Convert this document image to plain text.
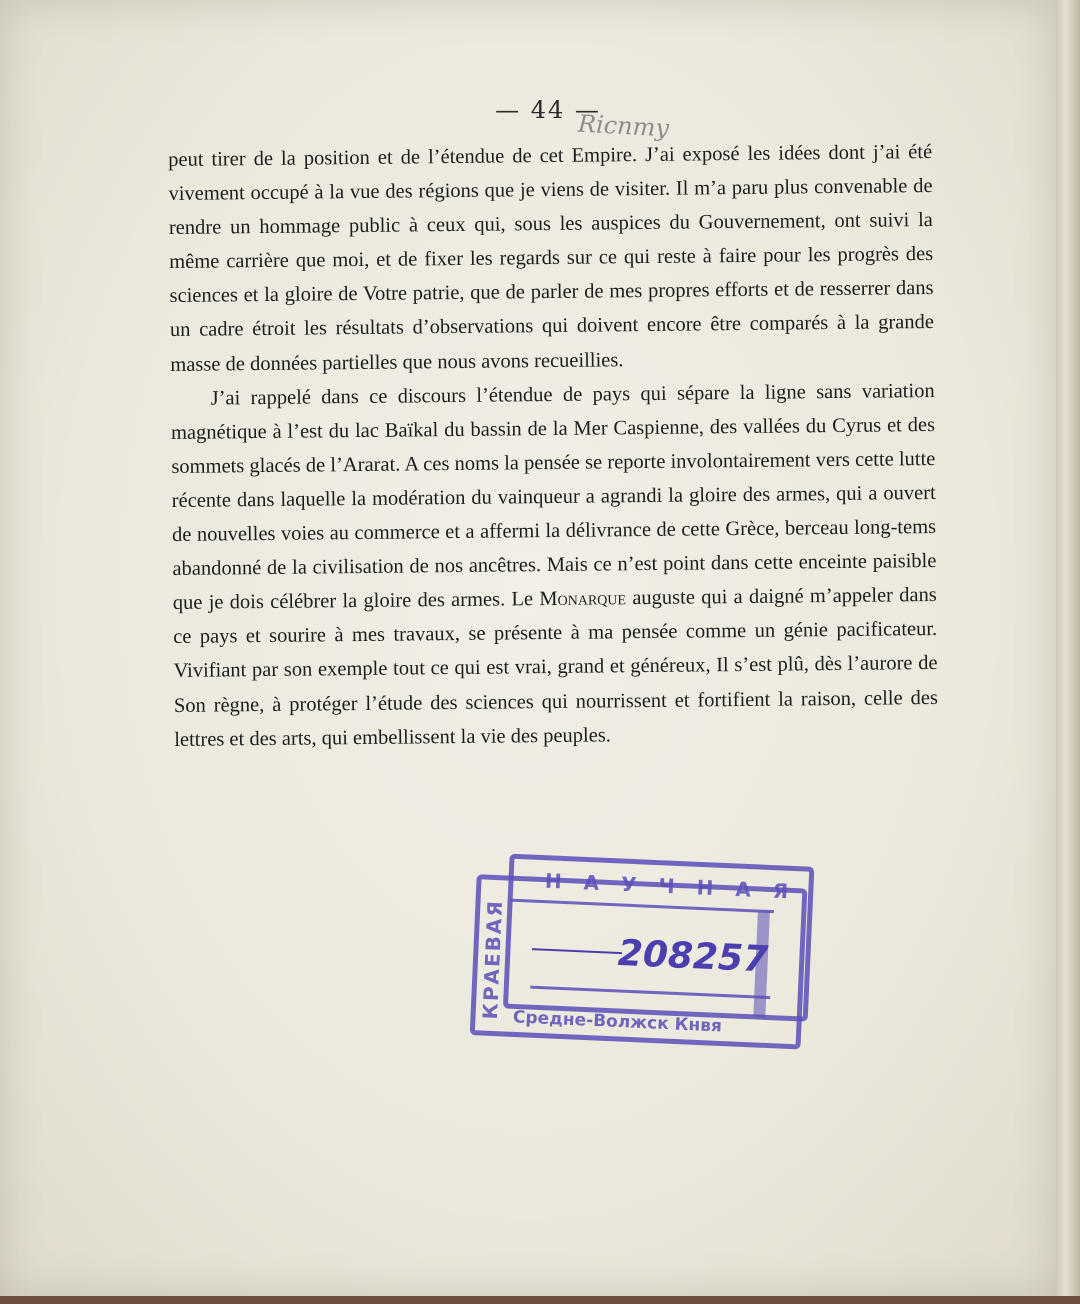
— 44 —
Ricnmy

peut tirer de la position et de l’étendue de cet Empire. J’ai exposé les idées dont j’ai été vivement occupé à la vue des régions que je viens de visiter. Il m’a paru plus convenable de rendre un hommage public à ceux qui, sous les auspices du Gouvernement, ont suivi la même carrière que moi, et de fixer les regards sur ce qui reste à faire pour les progrès des sciences et la gloire de Votre patrie, que de parler de mes propres efforts et de resserrer dans un cadre étroit les résultats d’observations qui doivent encore être comparés à la grande masse de données partielles que nous avons recueillies.

J’ai rappelé dans ce discours l’étendue de pays qui sépare la ligne sans variation magnétique à l’est du lac Baïkal du bassin de la Mer Caspienne, des vallées du Cyrus et des sommets glacés de l’Ararat. A ces noms la pensée se reporte involontairement vers cette lutte récente dans laquelle la modération du vainqueur a agrandi la gloire des armes, qui a ouvert de nouvelles voies au commerce et a affermi la délivrance de cette Grèce, berceau long-tems abandonné de la civilisation de nos ancêtres. Mais ce n’est point dans cette enceinte paisible que je dois célébrer la gloire des armes. Le Monarque auguste qui a daigné m’appeler dans ce pays et sourire à mes travaux, se présente à ma pensée comme un génie pacificateur. Vivifiant par son exemple tout ce qui est vrai, grand et généreux, Il s’est plû, dès l’aurore de Son règne, à protéger l’étude des sciences qui nourrissent et fortifient la raison, celle des lettres et des arts, qui embellissent la vie des peuples.

НАУЧНАЯ
КРАЕВАЯ	208257
Средне-Волжск Кнвя
